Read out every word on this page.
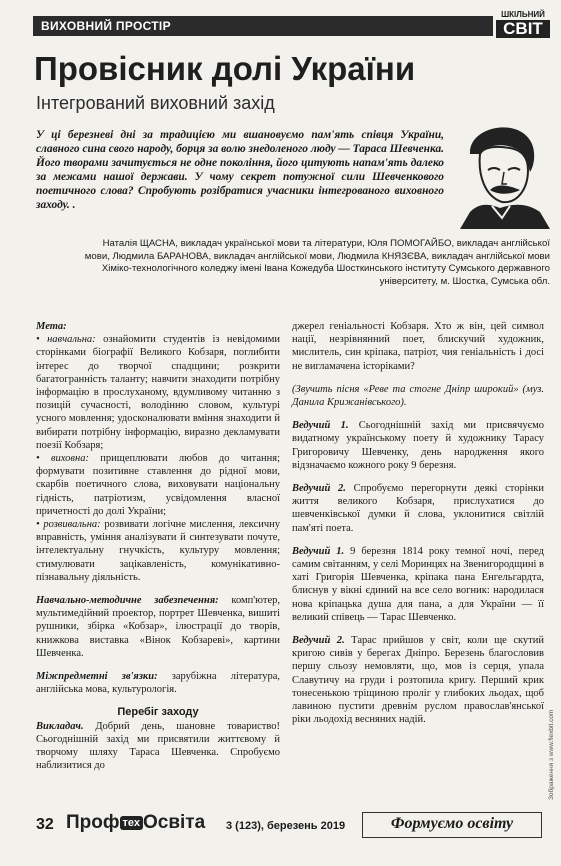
ВИХОВНИЙ ПРОСТІР
ШКІЛЬНИЙ
СВІТ
Провісник долі України
Інтегрований виховний захід
У ці березневі дні за традицією ми вшановуємо пам'ять співця України, славного сина свого народу, борця за волю знедоленого люду — Тараса Шевченка. Його творами зачитується не одне покоління, його цитують напам'ять далеко за межами нашої держави. У чому секрет потужної сили Шевченкового поетичного слова? Спробують розібратися учасники інтегрованого виховного заходу. .
Наталія ЩАСНА, викладач української мови та літератури, Юля ПОМОГАЙБО, викладач англійської
мови, Людмила БАРАНОВА, викладач англійської мови, Людмила КНЯЗЄВА, викладач англійської мови
Хіміко-технологічного коледжу імені Івана Кожедуба Шосткинського інституту Сумського державного
університету, м. Шостка, Сумська обл.

Мета:

• навчальна: ознайомити студентів із невідомими сторінками біографії Великого Кобзаря, поглибити інтерес до творчої спадщини; розкрити багатогранність таланту; навчити знаходити потрібну інформацію в прослуханому, вдумливому читанню з позицій сучасності, володінню словом, культурі усного мовлення; удосконалювати вміння знаходити й вибирати потрібну інформацію, виразно декламувати поезії Кобзаря;

• виховна: прищеплювати любов до читання; формувати позитивне ставлення до рідної мови, скарбів поетичного слова, виховувати національну гідність, патріотизм, усвідомлення власної причетності до долі України;

• розвивальна: розвивати логічне мислення, лексичну вправність, уміння аналізувати й синтезувати почуте, інтелектуальну гнучкість, культуру мовлення; стимулювати зацікавленість, комунікативно-пізнавальну діяльність.

Навчально-методичне забезпечення: комп'ютер, мультимедійний проектор, портрет Шевченка, вишиті рушники, збірка «Кобзар», ілюстрації до творів, книжкова виставка «Вінок Кобзареві», картини Шевченка.

Міжпредметні зв'язки: зарубіжна література, англійська мова, культурологія.

Перебіг заходу

Викладач. Добрий день, шановне товариство! Сьогоднішній захід ми присвятили життєвому й творчому шляху Тараса Шевченка. Спробуємо наблизитися до

джерел геніальності Кобзаря. Хто ж він, цей символ нації, незрівнянний поет, блискучий художник, мислитель, син кріпака, патріот, чия геніальність і досі не вигламачена історіками?

(Звучить пісня «Реве та стогне Дніпр широкий» (муз. Данила Крижанівського).

Ведучий 1. Сьогоднішній захід ми присвячуємо видатному українському поету й художнику Тарасу Григоровичу Шевченку, день народження якого відзначаємо кожного року 9 березня.

Ведучий 2. Спробуємо перегорнути деякі сторінки життя великого Кобзаря, прислухатися до шевченківської думки й слова, уклонитися світлій пам'яті поета.

Ведучий 1. 9 березня 1814 року темної ночі, перед самим світанням, у селі Моринцях на Звенигородщині в хаті Григорія Шевченка, кріпака пана Енгельгардта, блиснув у вікні єдиний на все село вогник: народилася нова кріпацька душа для пана, а для України — її великий співець — Тарас Шевченко.

Ведучий 2. Тарас прийшов у світ, коли ще скутий кригою сивів у берегах Дніпро. Березень благословив першу сльозу немовляти, що, мов із серця, упала Славутичу на груди і розтопила кригу. Перший крик тонесенькою тріщиною проліг у глибоких льодах, щоб лавиною пустити древнім руслом православ'янської ріки льодохід весняних надій.	Зображення з www.flexbit.com
32 Проф тех Освіта 3 (123), березень 2019	Формуємо освіту
